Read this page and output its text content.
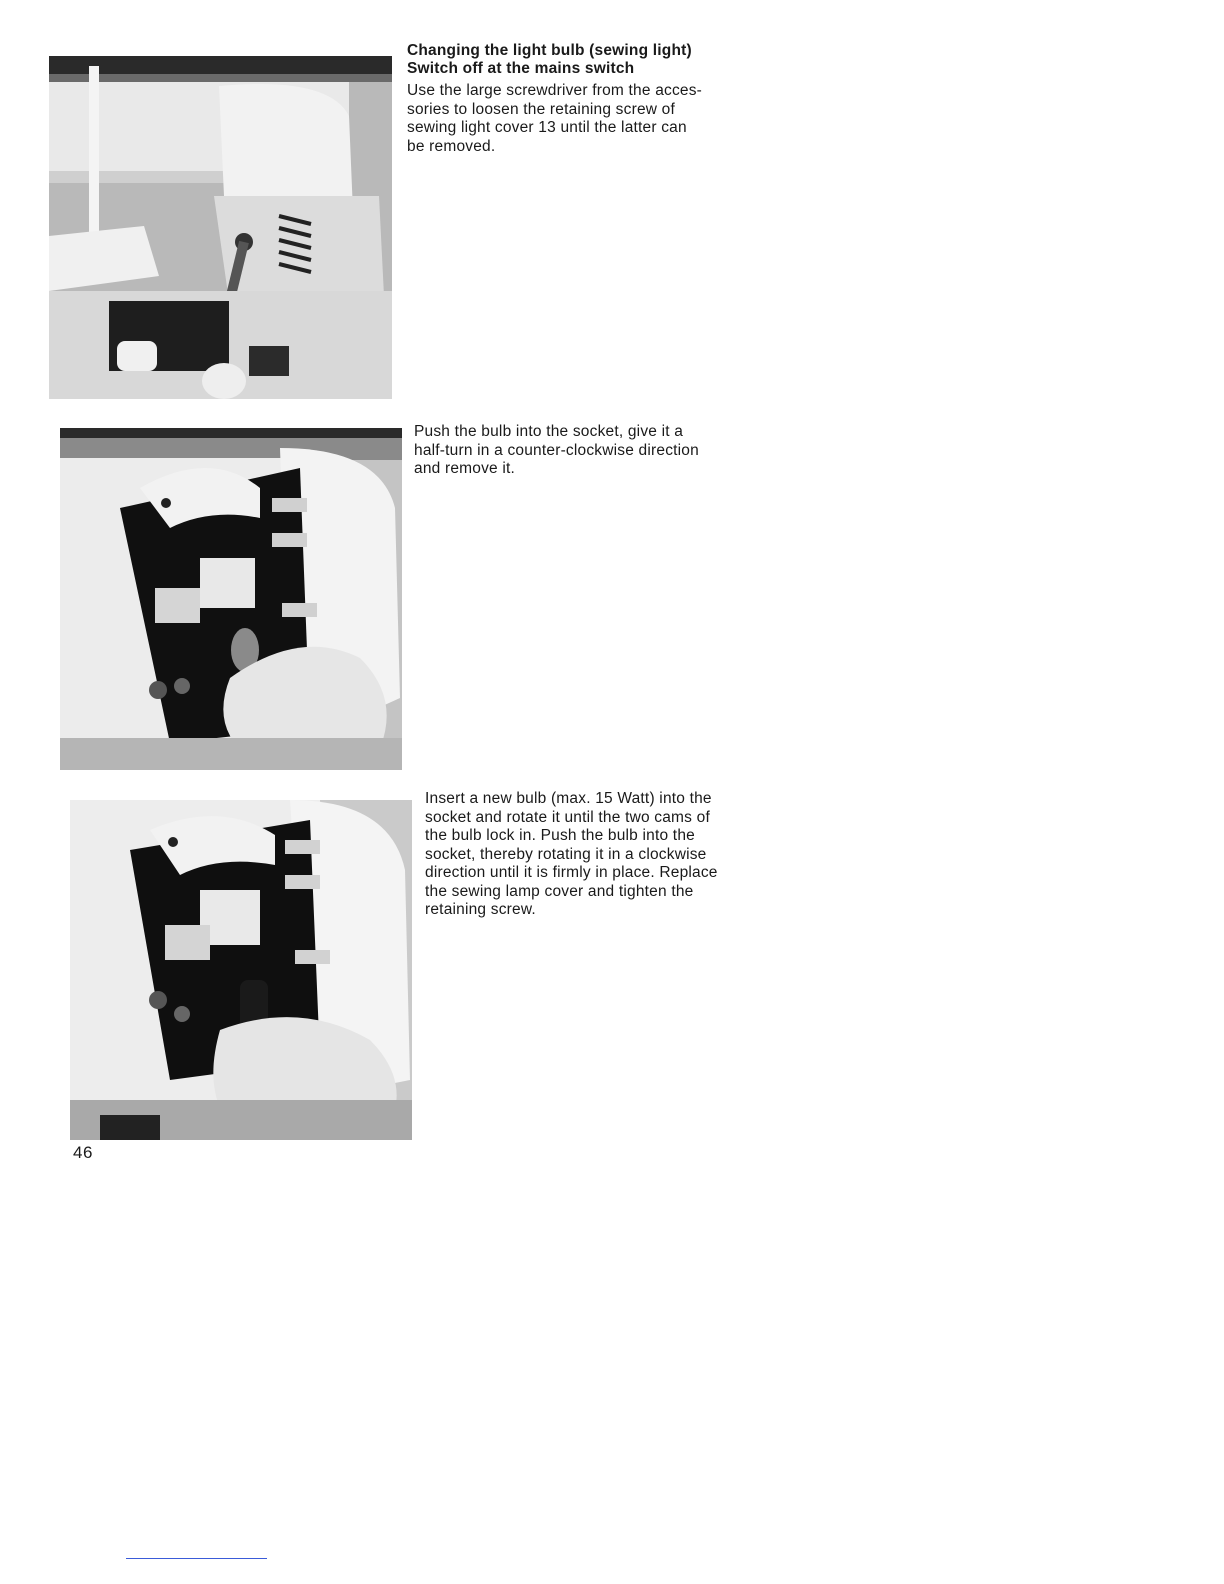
Changing the light bulb (sewing light)
Switch off at the mains switch

Use the large screwdriver from the acces-
sories to loosen the retaining screw of
sewing light cover 13 until the latter can
be removed.

Push the bulb into the socket, give it a
half-turn in a counter-clockwise direction
and remove it.

Insert a new bulb (max. 15 Watt) into the
socket and rotate it until the two cams of
the bulb lock in. Push the bulb into the
socket, thereby rotating it in a clockwise
direction until it is firmly in place. Replace
the sewing lamp cover and tighten the
retaining screw.

46
